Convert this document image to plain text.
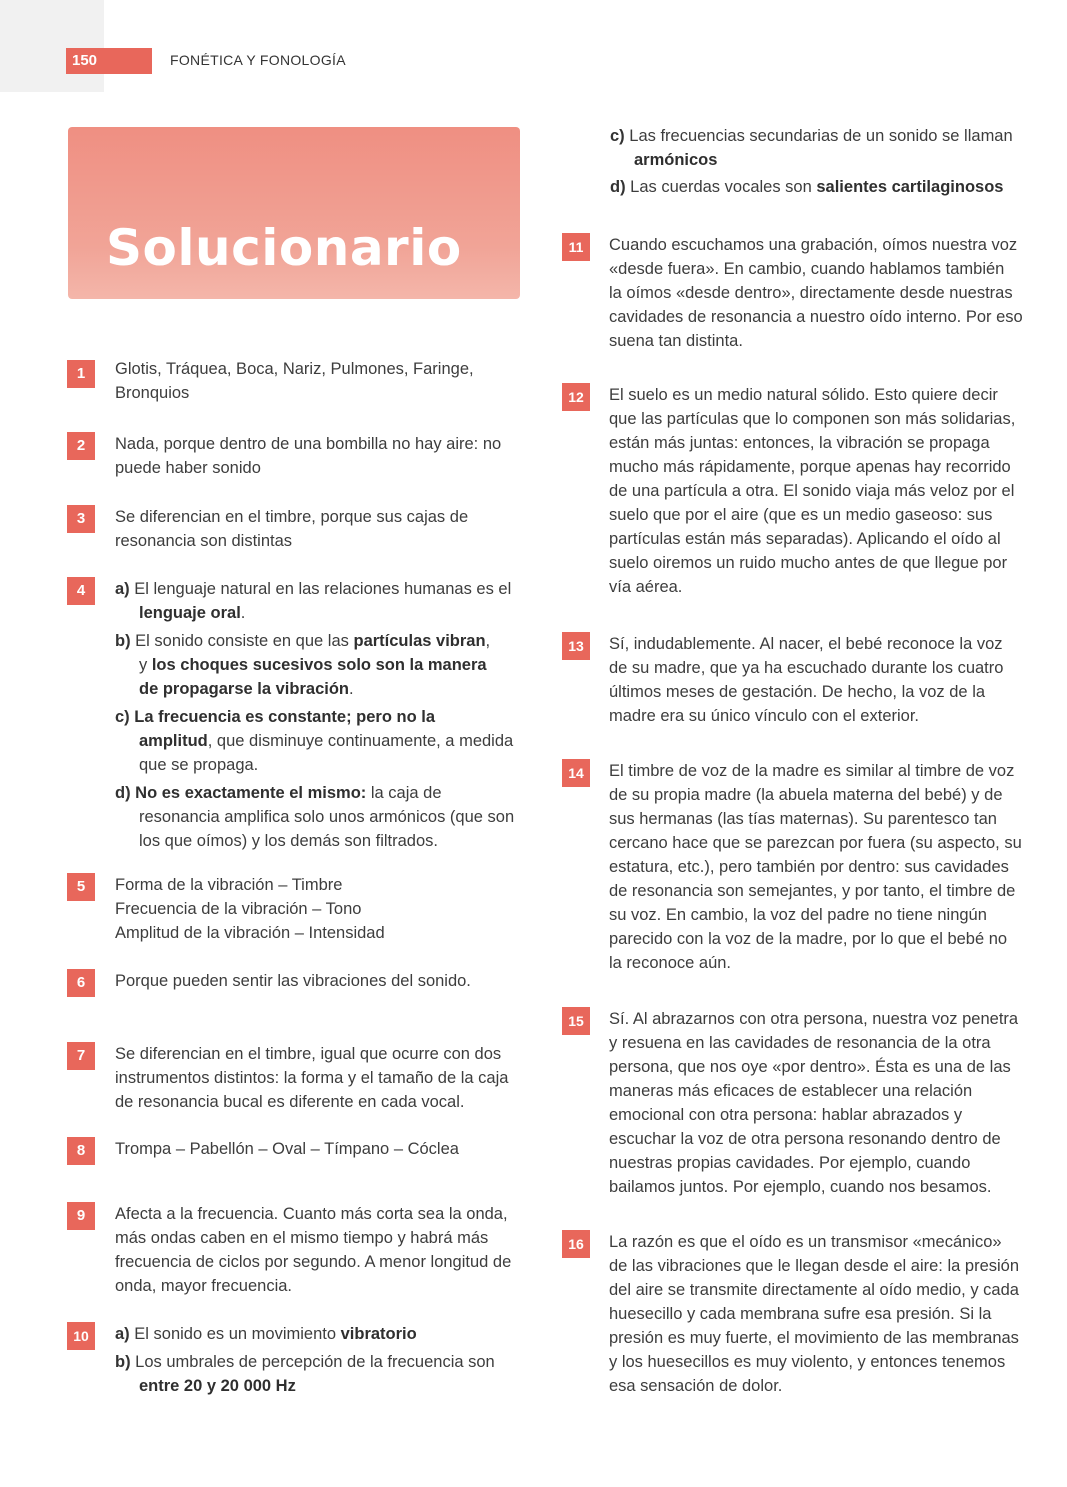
150	FONÉTICA Y FONOLOGÍA
Solucionario
1	Glotis, Tráquea, Boca, Nariz, Pulmones, Faringe,
Bronquios
2	Nada, porque dentro de una bombilla no hay aire: no
puede haber sonido
3	Se diferencian en el timbre, porque sus cajas de
resonancia son distintas
4	a) El lenguaje natural en las relaciones humanas es el
lenguaje oral.
b) El sonido consiste en que las partículas vibran,
y los choques sucesivos solo son la manera
de propagarse la vibración.
c) La frecuencia es constante; pero no la
amplitud, que disminuye continuamente, a medida
que se propaga.
d) No es exactamente el mismo: la caja de
resonancia amplifica solo unos armónicos (que son
los que oímos) y los demás son filtrados.
5	Forma de la vibración – Timbre
Frecuencia de la vibración – Tono
Amplitud de la vibración – Intensidad
6	Porque pueden sentir las vibraciones del sonido.
7	Se diferencian en el timbre, igual que ocurre con dos
instrumentos distintos: la forma y el tamaño de la caja
de resonancia bucal es diferente en cada vocal.
8	Trompa – Pabellón – Oval – Tímpano – Cóclea
9	Afecta a la frecuencia. Cuanto más corta sea la onda,
más ondas caben en el mismo tiempo y habrá más
frecuencia de ciclos por segundo. A menor longitud de
onda, mayor frecuencia.
10	a) El sonido es un movimiento vibratorio
b) Los umbrales de percepción de la frecuencia son
entre 20 y 20 000 Hz
c) Las frecuencias secundarias de un sonido se llaman
armónicos
d) Las cuerdas vocales son salientes cartilaginosos
11	Cuando escuchamos una grabación, oímos nuestra voz
«desde fuera». En cambio, cuando hablamos también
la oímos «desde dentro», directamente desde nuestras
cavidades de resonancia a nuestro oído interno. Por eso
suena tan distinta.
12	El suelo es un medio natural sólido. Esto quiere decir
que las partículas que lo componen son más solidarias,
están más juntas: entonces, la vibración se propaga
mucho más rápidamente, porque apenas hay recorrido
de una partícula a otra. El sonido viaja más veloz por el
suelo que por el aire (que es un medio gaseoso: sus
partículas están más separadas). Aplicando el oído al
suelo oiremos un ruido mucho antes de que llegue por
vía aérea.
13	Sí, indudablemente. Al nacer, el bebé reconoce la voz
de su madre, que ya ha escuchado durante los cuatro
últimos meses de gestación. De hecho, la voz de la
madre era su único vínculo con el exterior.
14	El timbre de voz de la madre es similar al timbre de voz
de su propia madre (la abuela materna del bebé) y de
sus hermanas (las tías maternas). Su parentesco tan
cercano hace que se parezcan por fuera (su aspecto, su
estatura, etc.), pero también por dentro: sus cavidades
de resonancia son semejantes, y por tanto, el timbre de
su voz. En cambio, la voz del padre no tiene ningún
parecido con la voz de la madre, por lo que el bebé no
la reconoce aún.
15	Sí. Al abrazarnos con otra persona, nuestra voz penetra
y resuena en las cavidades de resonancia de la otra
persona, que nos oye «por dentro». Ésta es una de las
maneras más eficaces de establecer una relación
emocional con otra persona: hablar abrazados y
escuchar la voz de otra persona resonando dentro de
nuestras propias cavidades. Por ejemplo, cuando
bailamos juntos. Por ejemplo, cuando nos besamos.
16	La razón es que el oído es un transmisor «mecánico»
de las vibraciones que le llegan desde el aire: la presión
del aire se transmite directamente al oído medio, y cada
huesecillo y cada membrana sufre esa presión. Si la
presión es muy fuerte, el movimiento de las membranas
y los huesecillos es muy violento, y entonces tenemos
esa sensación de dolor.
